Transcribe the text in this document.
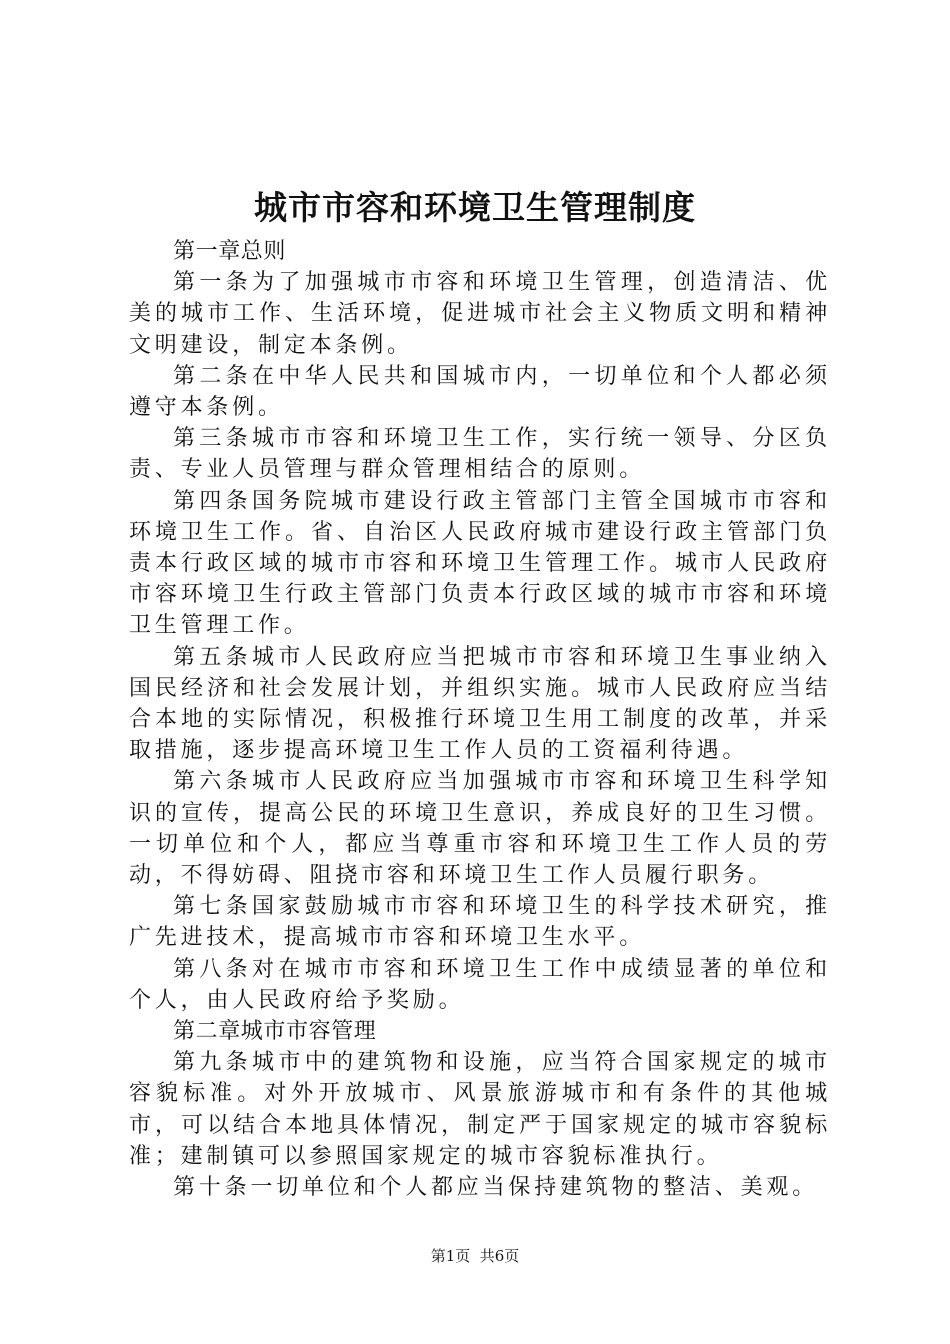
城市市容和环境卫生管理制度

第一章总则

第一条为了加强城市市容和环境卫生管理，创造清洁、优美的城市工作、生活环境，促进城市社会主义物质文明和精神文明建设，制定本条例。

第二条在中华人民共和国城市内，一切单位和个人都必须遵守本条例。

第三条城市市容和环境卫生工作，实行统一领导、分区负责、专业人员管理与群众管理相结合的原则。

第四条国务院城市建设行政主管部门主管全国城市市容和环境卫生工作。省、自治区人民政府城市建设行政主管部门负责本行政区域的城市市容和环境卫生管理工作。城市人民政府市容环境卫生行政主管部门负责本行政区域的城市市容和环境卫生管理工作。

第五条城市人民政府应当把城市市容和环境卫生事业纳入国民经济和社会发展计划，并组织实施。城市人民政府应当结合本地的实际情况，积极推行环境卫生用工制度的改革，并采取措施，逐步提高环境卫生工作人员的工资福利待遇。

第六条城市人民政府应当加强城市市容和环境卫生科学知识的宣传，提高公民的环境卫生意识，养成良好的卫生习惯。一切单位和个人，都应当尊重市容和环境卫生工作人员的劳动，不得妨碍、阻挠市容和环境卫生工作人员履行职务。

第七条国家鼓励城市市容和环境卫生的科学技术研究，推广先进技术，提高城市市容和环境卫生水平。

第八条对在城市市容和环境卫生工作中成绩显著的单位和个人，由人民政府给予奖励。

第二章城市市容管理

第九条城市中的建筑物和设施，应当符合国家规定的城市容貌标准。对外开放城市、风景旅游城市和有条件的其他城市，可以结合本地具体情况，制定严于国家规定的城市容貌标准；建制镇可以参照国家规定的城市容貌标准执行。

第十条一切单位和个人都应当保持建筑物的整洁、美观。

第1页  共6页
